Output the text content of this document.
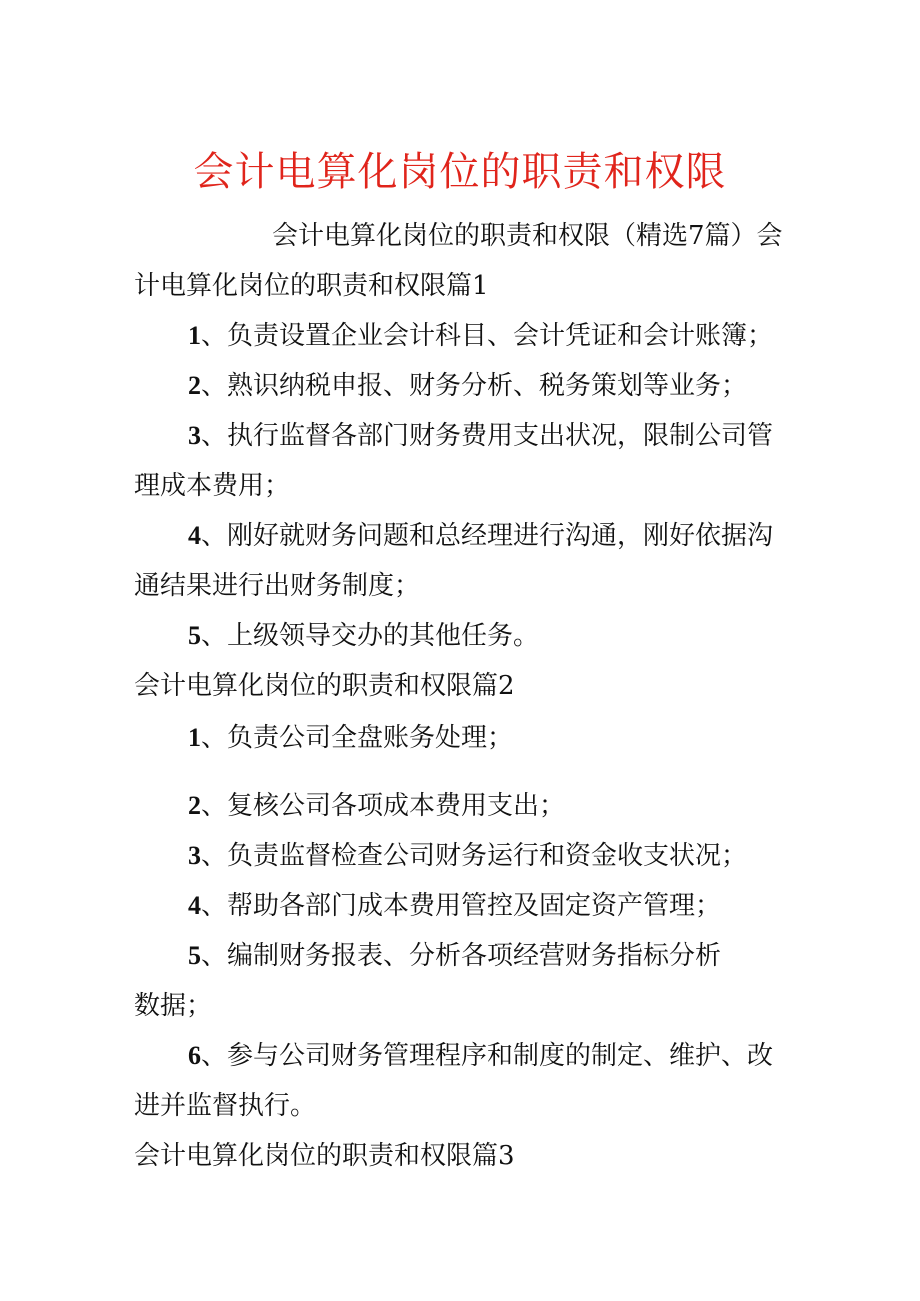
会计电算化岗位的职责和权限
会计电算化岗位的职责和权限（精选7篇）会
计电算化岗位的职责和权限篇1
1、负责设置企业会计科目、会计凭证和会计账簿；
2、熟识纳税申报、财务分析、税务策划等业务；
3、执行监督各部门财务费用支出状况，限制公司管
理成本费用；
4、刚好就财务问题和总经理进行沟通，刚好依据沟
通结果进行出财务制度；
5、上级领导交办的其他任务。
会计电算化岗位的职责和权限篇2
1、负责公司全盘账务处理；
2、复核公司各项成本费用支出；
3、负责监督检查公司财务运行和资金收支状况；
4、帮助各部门成本费用管控及固定资产管理；
5、编制财务报表、分析各项经营财务指标分析
数据；
6、参与公司财务管理程序和制度的制定、维护、改
进并监督执行。
会计电算化岗位的职责和权限篇3
